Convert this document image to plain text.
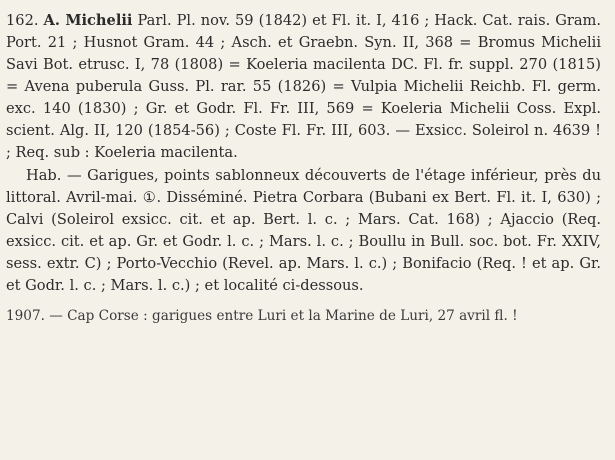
162. A. Michelii Parl. Pl. nov. 59 (1842) et Fl. it. I, 416 ; Hack. Cat. rais. Gram. Port. 21 ; Husnot Gram. 44 ; Asch. et Graebn. Syn. II, 368 = Bromus Michelii Savi Bot. etrusc. I, 78 (1808) = Koeleria macilenta DC. Fl. fr. suppl. 270 (1815) = Avena puberula Guss. Pl. rar. 55 (1826) = Vulpia Michelii Reichb. Fl. germ. exc. 140 (1830) ; Gr. et Godr. Fl. Fr. III, 569 = Koeleria Michelii Coss. Expl. scient. Alg. II, 120 (1854-56) ; Coste Fl. Fr. III, 603. — Exsicc. Soleirol n. 4639 ! ; Req. sub : Koeleria macilenta.

Hab. — Garigues, points sablonneux découverts de l'étage inférieur, près du littoral. Avril-mai. ①. Disséminé. Pietra Corbara (Bubani ex Bert. Fl. it. I, 630) ; Calvi (Soleirol exsicc. cit. et ap. Bert. l. c. ; Mars. Cat. 168) ; Ajaccio (Req. exsicc. cit. et ap. Gr. et Godr. l. c. ; Mars. l. c. ; Boullu in Bull. soc. bot. Fr. XXIV, sess. extr. C) ; Porto-Vecchio (Revel. ap. Mars. l. c.) ; Bonifacio (Req. ! et ap. Gr. et Godr. l. c. ; Mars. l. c.) ; et localité ci-dessous.

1907. — Cap Corse : garigues entre Luri et la Marine de Luri, 27 avril fl. !
